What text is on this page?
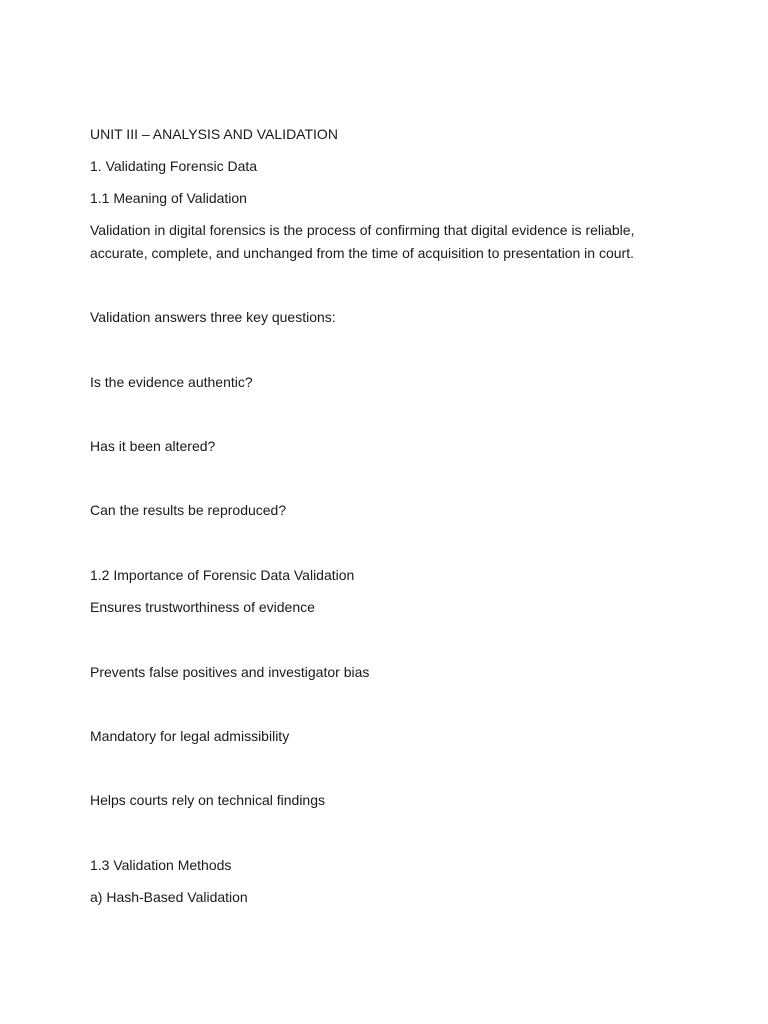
UNIT III – ANALYSIS AND VALIDATION

1. Validating Forensic Data

1.1 Meaning of Validation

Validation in digital forensics is the process of confirming that digital evidence is reliable, accurate, complete, and unchanged from the time of acquisition to presentation in court.

Validation answers three key questions:

Is the evidence authentic?

Has it been altered?

Can the results be reproduced?

1.2 Importance of Forensic Data Validation

Ensures trustworthiness of evidence

Prevents false positives and investigator bias

Mandatory for legal admissibility

Helps courts rely on technical findings

1.3 Validation Methods

a) Hash-Based Validation
